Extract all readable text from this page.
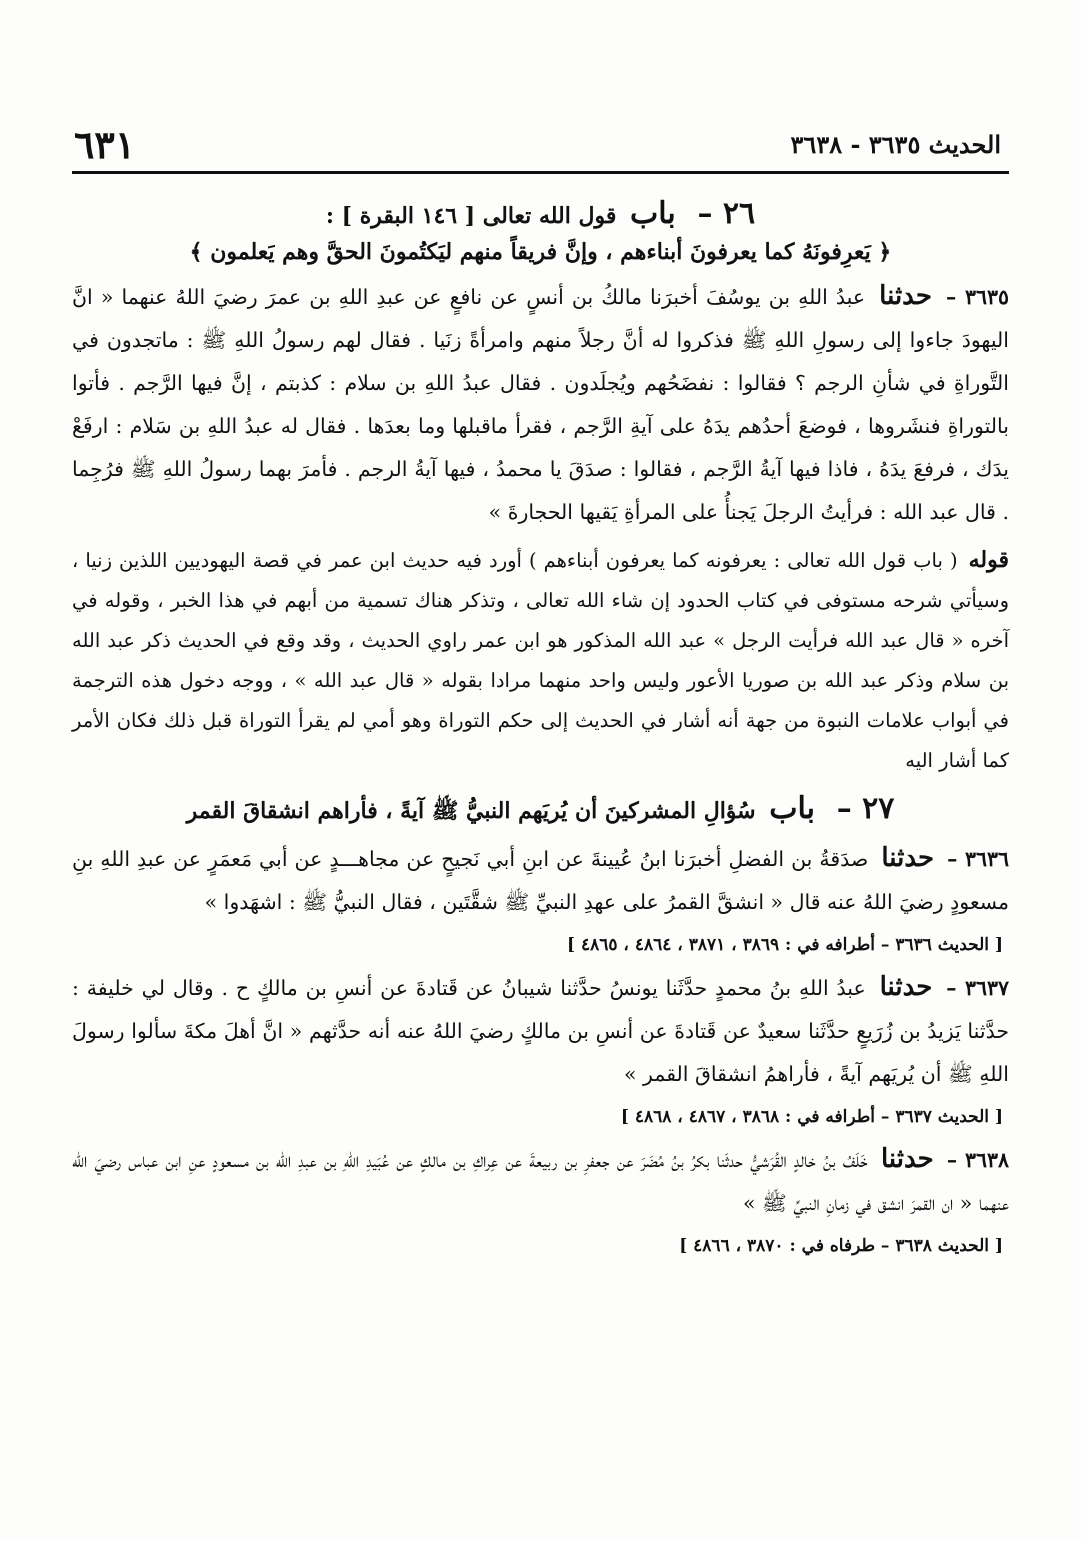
الحديث ٣٦٣٥ - ٣٦٣٨
٦٣١
٢٦ – باب قول الله تعالى [ ١٤٦ البقرة ] :
﴿ يَعرِفونَهُ كما يعرفونَ أبناءهم ، وإنَّ فريقاً منهم ليَكتُمونَ الحقَّ وهم يَعلمون ﴾

٣٦٣٥ – حدثنا عبدُ اللهِ بن يوسُفَ أخبرَنا مالكُ بن أنسٍ عن نافعٍ عن عبدِ اللهِ بن عمرَ رضيَ اللهُ عنهما « انَّ اليهودَ جاءوا إلى رسولِ اللهِ ﷺ فذكروا له أنَّ رجلاً منهم وامرأةً زنَيا . فقال لهم رسولُ اللهِ ﷺ : ماتجدون في التَّوراةِ في شأنِ الرجم ؟ فقالوا : نفضَحُهم ويُجلَدون . فقال عبدُ اللهِ بن سلام : كذبتم ، إنَّ فيها الرَّجم . فأتوا بالتوراةِ فنشَروها ، فوضعَ أحدُهم يدَهُ على آيةِ الرَّجم ، فقرأ ماقبلها وما بعدَها . فقال له عبدُ اللهِ بن سَلام : ارفَعْ يدَك ، فرفعَ يدَهُ ، فاذا فيها آيةُ الرَّجم ، فقالوا : صدَقَ يا محمدُ ، فيها آيةُ الرجم . فأمرَ بهما رسولُ اللهِ ﷺ فرُجِما . قال عبد الله : فرأيتُ الرجلَ يَجنأُ على المرأةِ يَقيها الحجارةَ »

قوله ( باب قول الله تعالى : يعرفونه كما يعرفون أبناءهم ) أورد فيه حديث ابن عمر في قصة اليهوديين اللذين زنيا ، وسيأتي شرحه مستوفى في كتاب الحدود إن شاء الله تعالى ، وتذكر هناك تسمية من أبهم في هذا الخبر ، وقوله في آخره « قال عبد الله فرأيت الرجل » عبد الله المذكور هو ابن عمر راوي الحديث ، وقد وقع في الحديث ذكر عبد الله بن سلام وذكر عبد الله بن صوريا الأعور وليس واحد منهما مرادا بقوله « قال عبد الله » ، ووجه دخول هذه الترجمة في أبواب علامات النبوة من جهة أنه أشار في الحديث إلى حكم التوراة وهو أمي لم يقرأ التوراة قبل ذلك فكان الأمر كما أشار اليه

٢٧ – باب سُؤالِ المشركينَ أن يُريَهم النبيُّ ﷺ آيةً ، فأراهم انشقاقَ القمر

٣٦٣٦ – حدثنا صدَقةُ بن الفضلِ أخبرَنا ابنُ عُيينةَ عن ابنِ أبي نَجيحٍ عن مجاهـــدٍ عن أبي مَعمَرٍ عن عبدِ اللهِ بنِ مسعودٍ رضيَ اللهُ عنه قال « انشقَّ القمرُ على عهدِ النبيِّ ﷺ شقَّتَين ، فقال النبيُّ ﷺ : اشهَدوا »

[ الحديث ٣٦٣٦ – أطرافه في : ٣٨٦٩ ، ٣٨٧١ ، ٤٨٦٤ ، ٤٨٦٥ ]

٣٦٣٧ – حدثنا عبدُ اللهِ بنُ محمدٍ حدَّثَنا يونسُ حدَّثنا شيبانُ عن قَتادةَ عن أنسِ بن مالكٍ ح . وقال لي خليفة : حدَّثنا يَزيدُ بن زُرَيعٍ حدَّثَنا سعيدٌ عن قَتادةَ عن أنسِ بن مالكٍ رضيَ اللهُ عنه أنه حدَّثهم « انَّ أهلَ مكةَ سألوا رسولَ اللهِ ﷺ أن يُريَهم آيةً ، فأراهمُ انشقاقَ القمر »

[ الحديث ٣٦٣٧ – أطرافه في : ٣٨٦٨ ، ٤٨٦٧ ، ٤٨٦٨ ]

٣٦٣٨ – حدثنا خَلَفُ بنُ خالدٍ القُرَشيُّ حدثَنا بكرُ بنُ مُضَرَ عن جعفرِ بن ربيعةَ عن عِراكِ بن مالكٍ عن عُبَيدِ اللهِ بن عبدِ الله بن مسعودٍ عنِ ابن عباس رضيَ الله عنهما « ان القمرَ انشق في زمانِ النبيِّ ﷺ »

[ الحديث ٣٦٣٨ – طرفاه في : ٣٨٧٠ ، ٤٨٦٦ ]
